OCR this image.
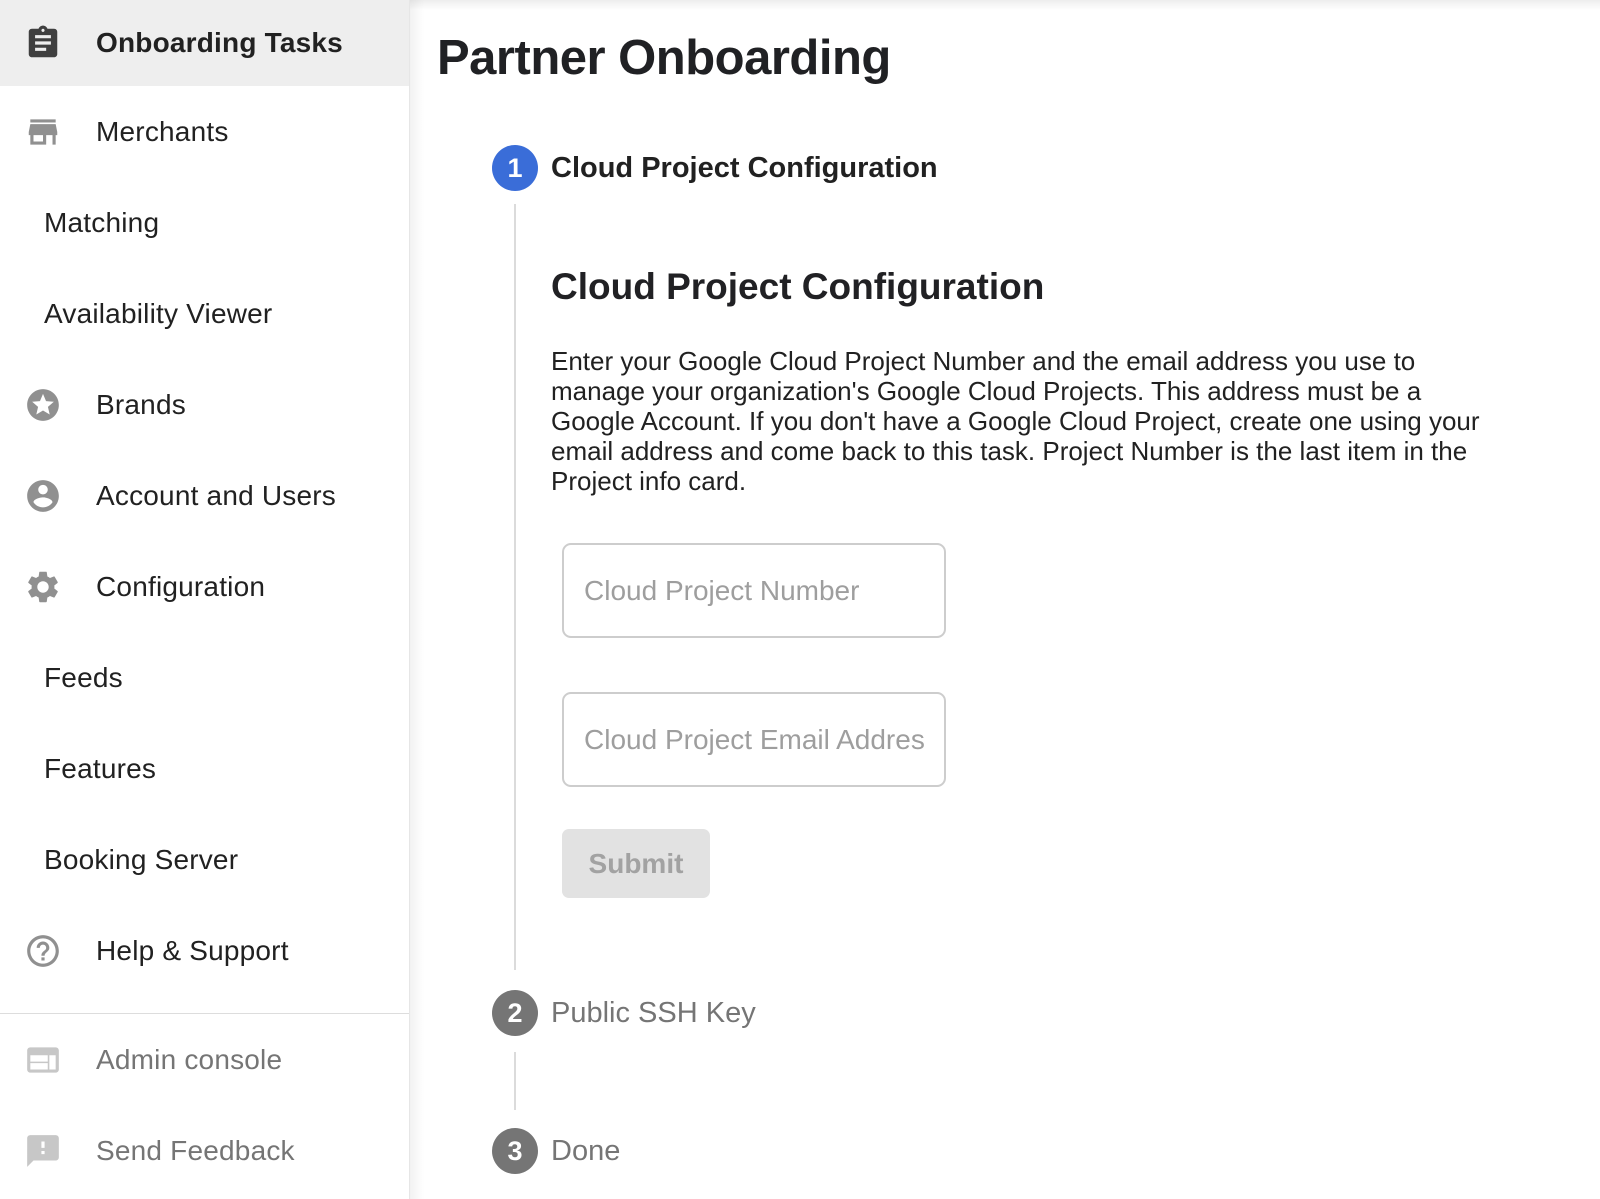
Onboarding Tasks
Merchants
Matching
Availability Viewer
Brands
Account and Users
Configuration
Feeds
Features
Booking Server
Help & Support
Admin console
Send Feedback
Partner Onboarding
1 Cloud Project Configuration
Cloud Project Configuration

Enter your Google Cloud Project Number and the email address you use to manage your organization's Google Cloud Projects. This address must be a Google Account. If you don't have a Google Cloud Project, create one using your email address and come back to this task. Project Number is the last item in the Project info card.

Cloud Project Number
Cloud Project Email Address
Submit
2 Public SSH Key
3 Done
